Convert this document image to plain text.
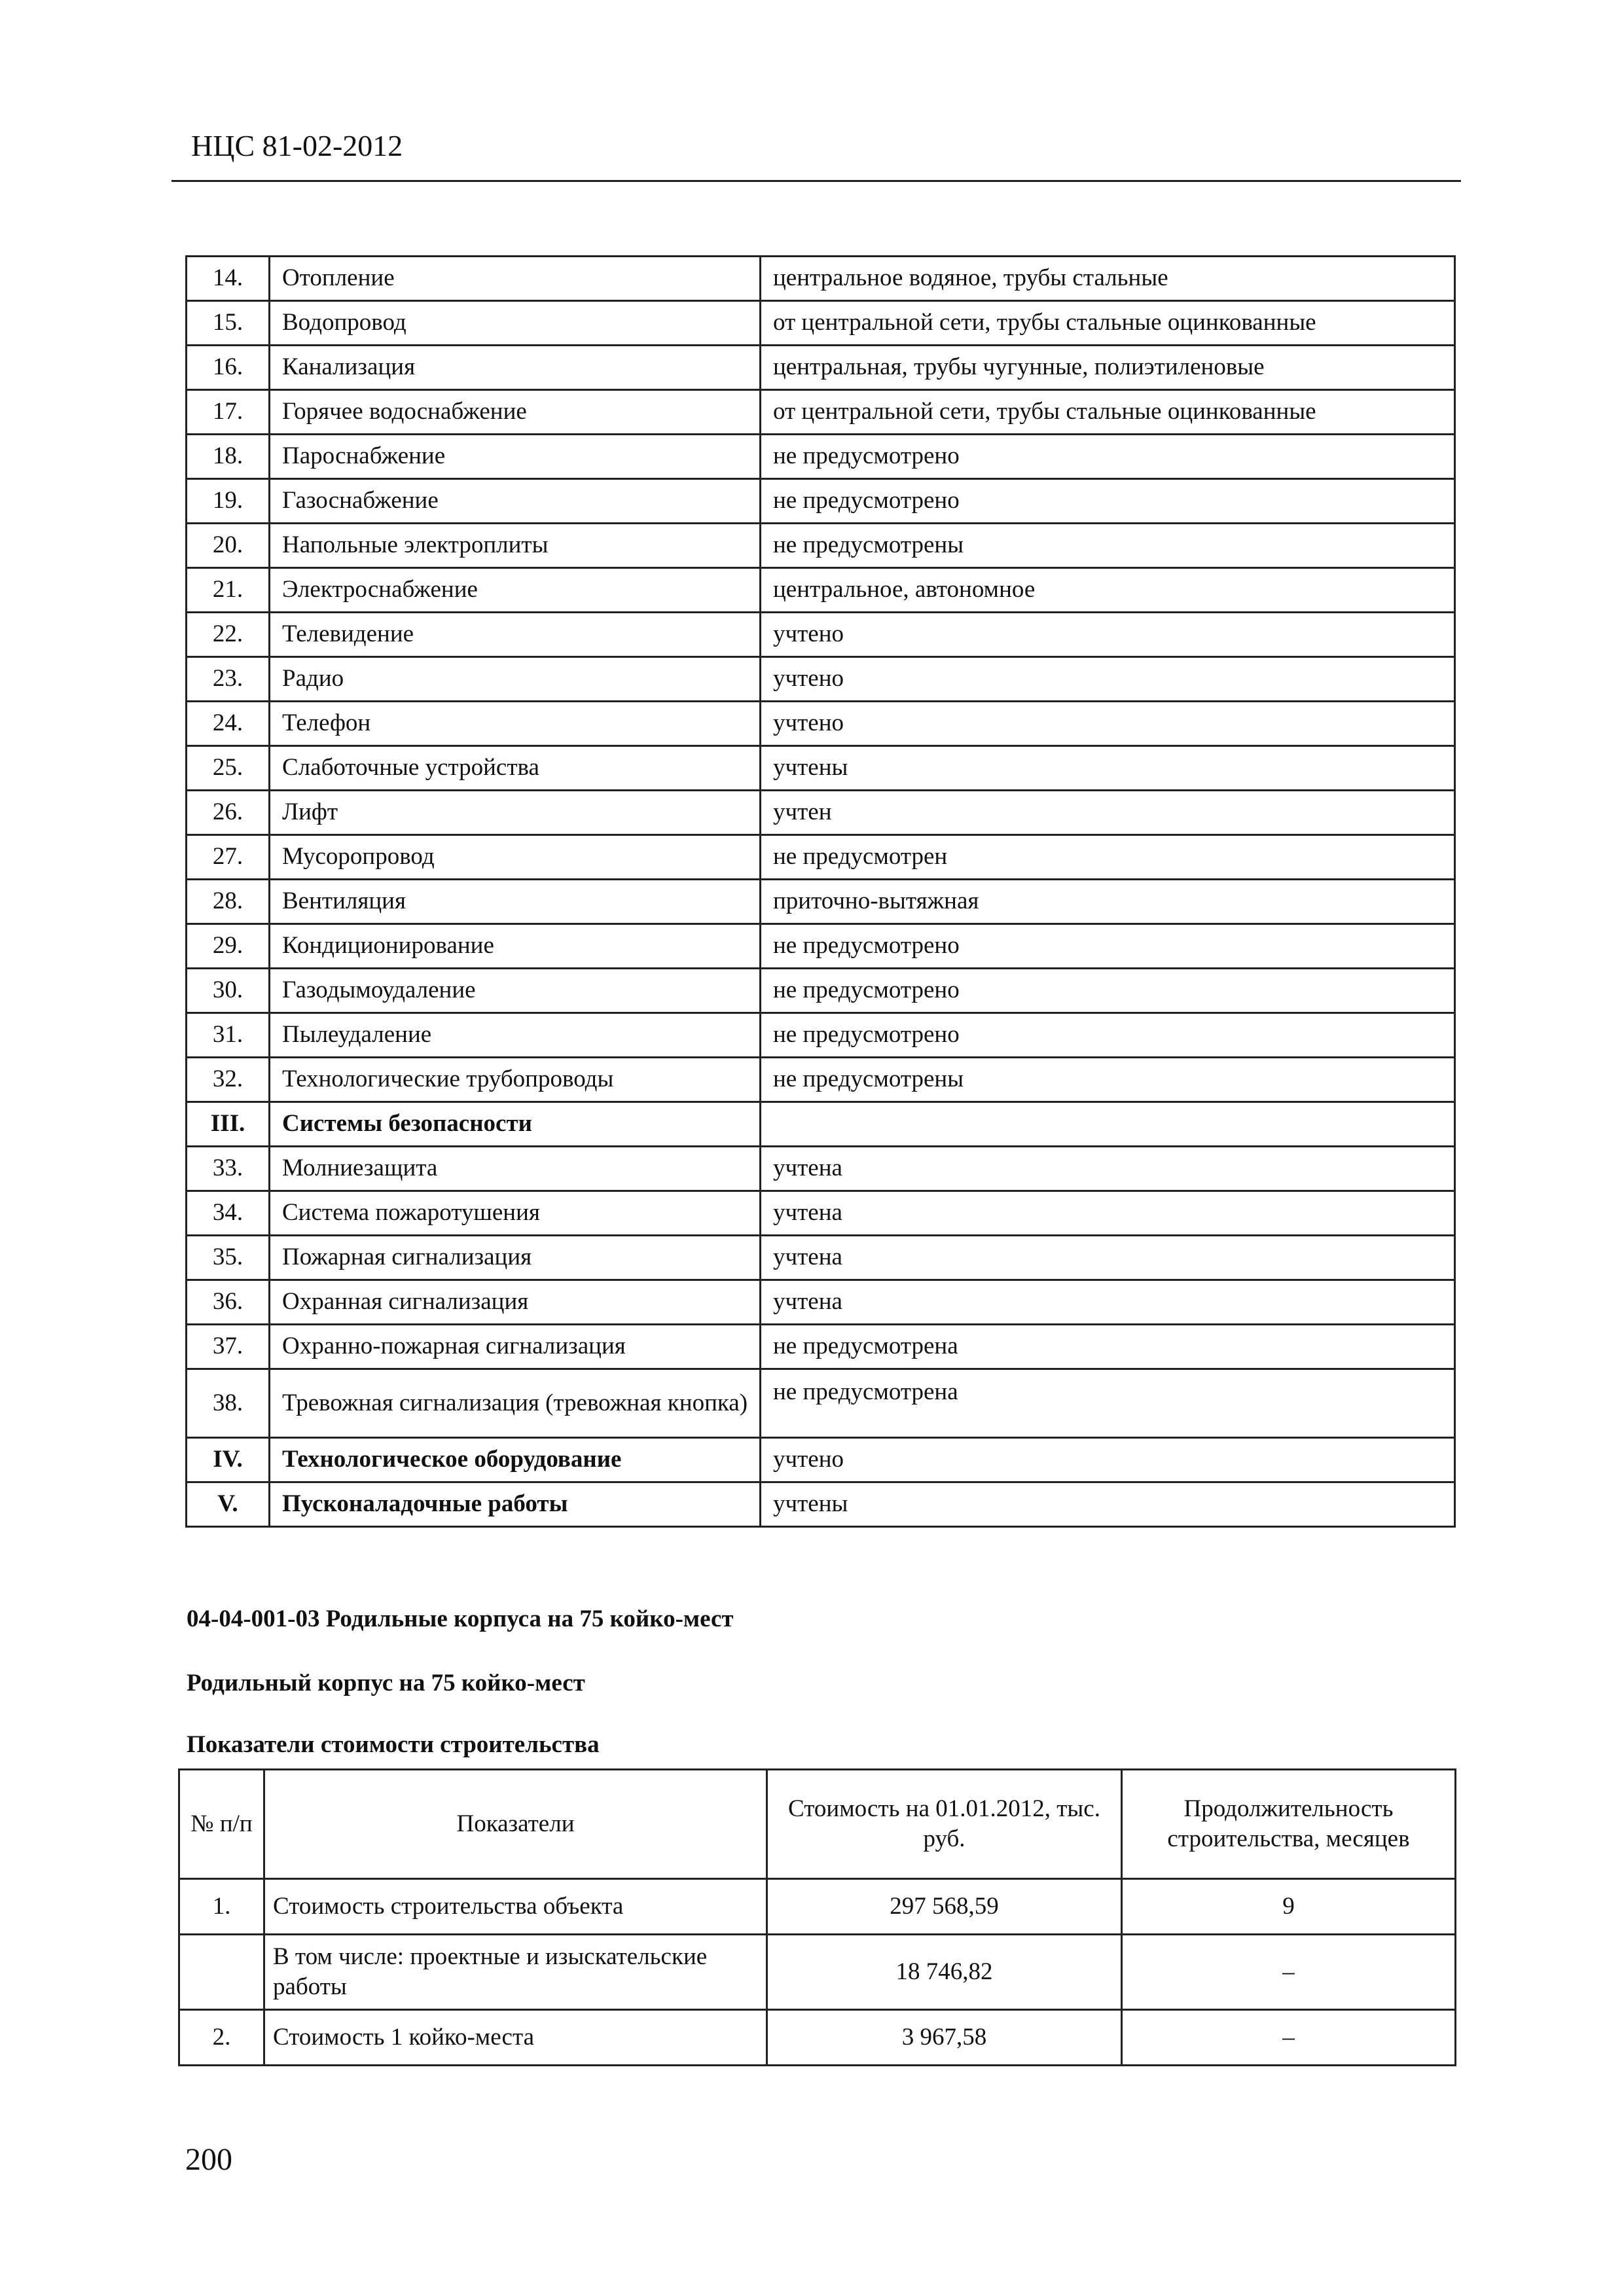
НЦС 81-02-2012
14.	Отопление	центральное водяное, трубы стальные
15.	Водопровод	от центральной сети, трубы стальные оцинкованные
16.	Канализация	центральная, трубы чугунные, полиэтиленовые
17.	Горячее водоснабжение	от центральной сети, трубы стальные оцинкованные
18.	Пароснабжение	не предусмотрено
19.	Газоснабжение	не предусмотрено
20.	Напольные электроплиты	не предусмотрены
21.	Электроснабжение	центральное, автономное
22.	Телевидение	учтено
23.	Радио	учтено
24.	Телефон	учтено
25.	Слаботочные устройства	учтены
26.	Лифт	учтен
27.	Мусоропровод	не предусмотрен
28.	Вентиляция	приточно-вытяжная
29.	Кондиционирование	не предусмотрено
30.	Газодымоудаление	не предусмотрено
31.	Пылеудаление	не предусмотрено
32.	Технологические трубопроводы	не предусмотрены
III.	Системы безопасности	
33.	Молниезащита	учтена
34.	Система пожаротушения	учтена
35.	Пожарная сигнализация	учтена
36.	Охранная сигнализация	учтена
37.	Охранно-пожарная сигнализация	не предусмотрена
38.	Тревожная сигнализация (тревожная кнопка)	не предусмотрена
IV.	Технологическое оборудование	учтено
V.	Пусконаладочные работы	учтены
04-04-001-03 Родильные корпуса на 75 койко-мест
Родильный корпус на 75 койко-мест
Показатели стоимости строительства
№ п/п	Показатели	Стоимость на 01.01.2012, тыс. руб.	Продолжительность строительства, месяцев
1.	Стоимость строительства объекта	297 568,59	9
	В том числе: проектные и изыскательские работы	18 746,82	–
2.	Стоимость 1 койко-места	3 967,58	–
200
